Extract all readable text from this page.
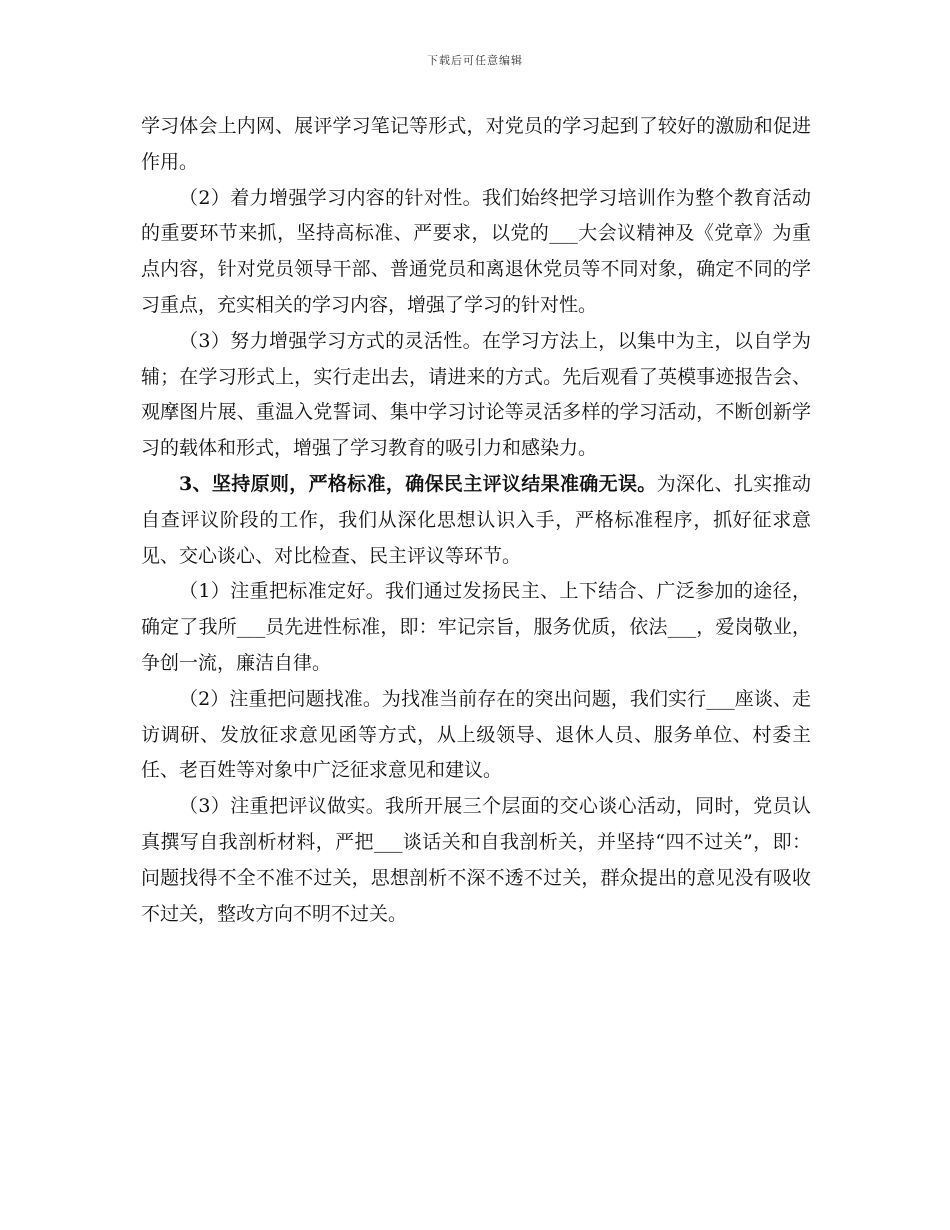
下载后可任意编辑

学习体会上内网、展评学习笔记等形式，对党员的学习起到了较好的激励和促进作用。

（2）着力增强学习内容的针对性。我们始终把学习培训作为整个教育活动的重要环节来抓，坚持高标准、严要求，以党的___大会议精神及《党章》为重点内容，针对党员领导干部、普通党员和离退休党员等不同对象，确定不同的学习重点，充实相关的学习内容，增强了学习的针对性。

（3）努力增强学习方式的灵活性。在学习方法上，以集中为主，以自学为辅；在学习形式上，实行走出去，请进来的方式。先后观看了英模事迹报告会、观摩图片展、重温入党誓词、集中学习讨论等灵活多样的学习活动，不断创新学习的载体和形式，增强了学习教育的吸引力和感染力。

3、坚持原则，严格标准，确保民主评议结果准确无误。为深化、扎实推动自查评议阶段的工作，我们从深化思想认识入手，严格标准程序，抓好征求意见、交心谈心、对比检查、民主评议等环节。

（1）注重把标准定好。我们通过发扬民主、上下结合、广泛参加的途径，确定了我所___员先进性标准，即：牢记宗旨，服务优质，依法___，爱岗敬业，争创一流，廉洁自律。

（2）注重把问题找准。为找准当前存在的突出问题，我们实行___座谈、走访调研、发放征求意见函等方式，从上级领导、退休人员、服务单位、村委主任、老百姓等对象中广泛征求意见和建议。

（3）注重把评议做实。我所开展三个层面的交心谈心活动，同时，党员认真撰写自我剖析材料，严把___谈话关和自我剖析关，并坚持“四不过关”，即：问题找得不全不准不过关，思想剖析不深不透不过关，群众提出的意见没有吸收不过关，整改方向不明不过关。
